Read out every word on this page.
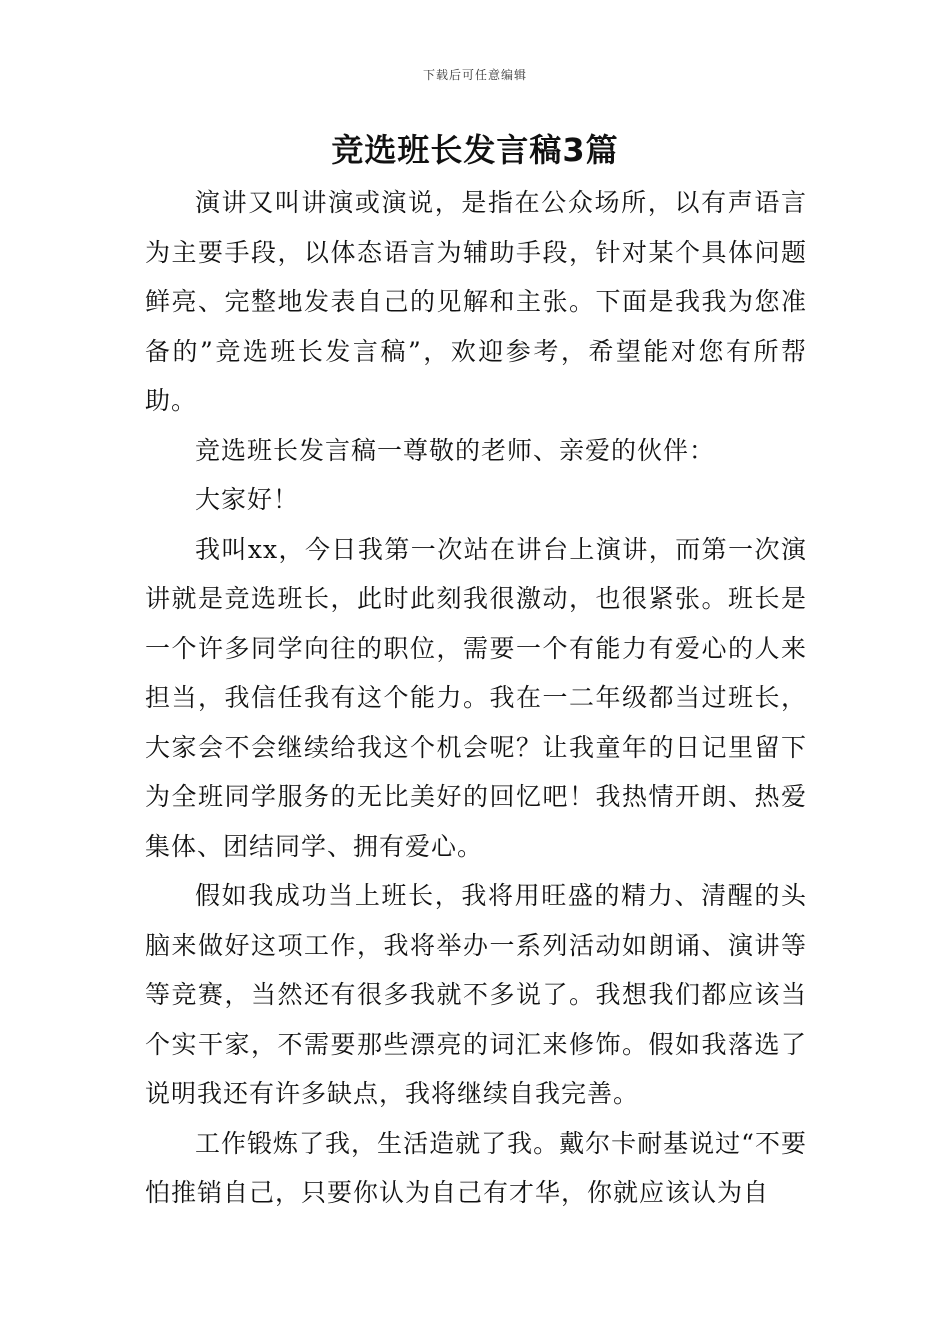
下载后可任意编辑
竞选班长发言稿3篇

演讲又叫讲演或演说，是指在公众场所，以有声语言为主要手段，以体态语言为辅助手段，针对某个具体问题鲜亮、完整地发表自己的见解和主张。下面是我我为您准备的”竞选班长发言稿”，欢迎参考，希望能对您有所帮助。

竞选班长发言稿一尊敬的老师、亲爱的伙伴：

大家好！

我叫xx，今日我第一次站在讲台上演讲，而第一次演讲就是竞选班长，此时此刻我很激动，也很紧张。班长是一个许多同学向往的职位，需要一个有能力有爱心的人来担当，我信任我有这个能力。我在一二年级都当过班长，大家会不会继续给我这个机会呢？让我童年的日记里留下为全班同学服务的无比美好的回忆吧！我热情开朗、热爱集体、团结同学、拥有爱心。

假如我成功当上班长，我将用旺盛的精力、清醒的头脑来做好这项工作，我将举办一系列活动如朗诵、演讲等等竞赛，当然还有很多我就不多说了。我想我们都应该当个实干家，不需要那些漂亮的词汇来修饰。假如我落选了说明我还有许多缺点，我将继续自我完善。

工作锻炼了我，生活造就了我。戴尔卡耐基说过“不要怕推销自己，只要你认为自己有才华，你就应该认为自
